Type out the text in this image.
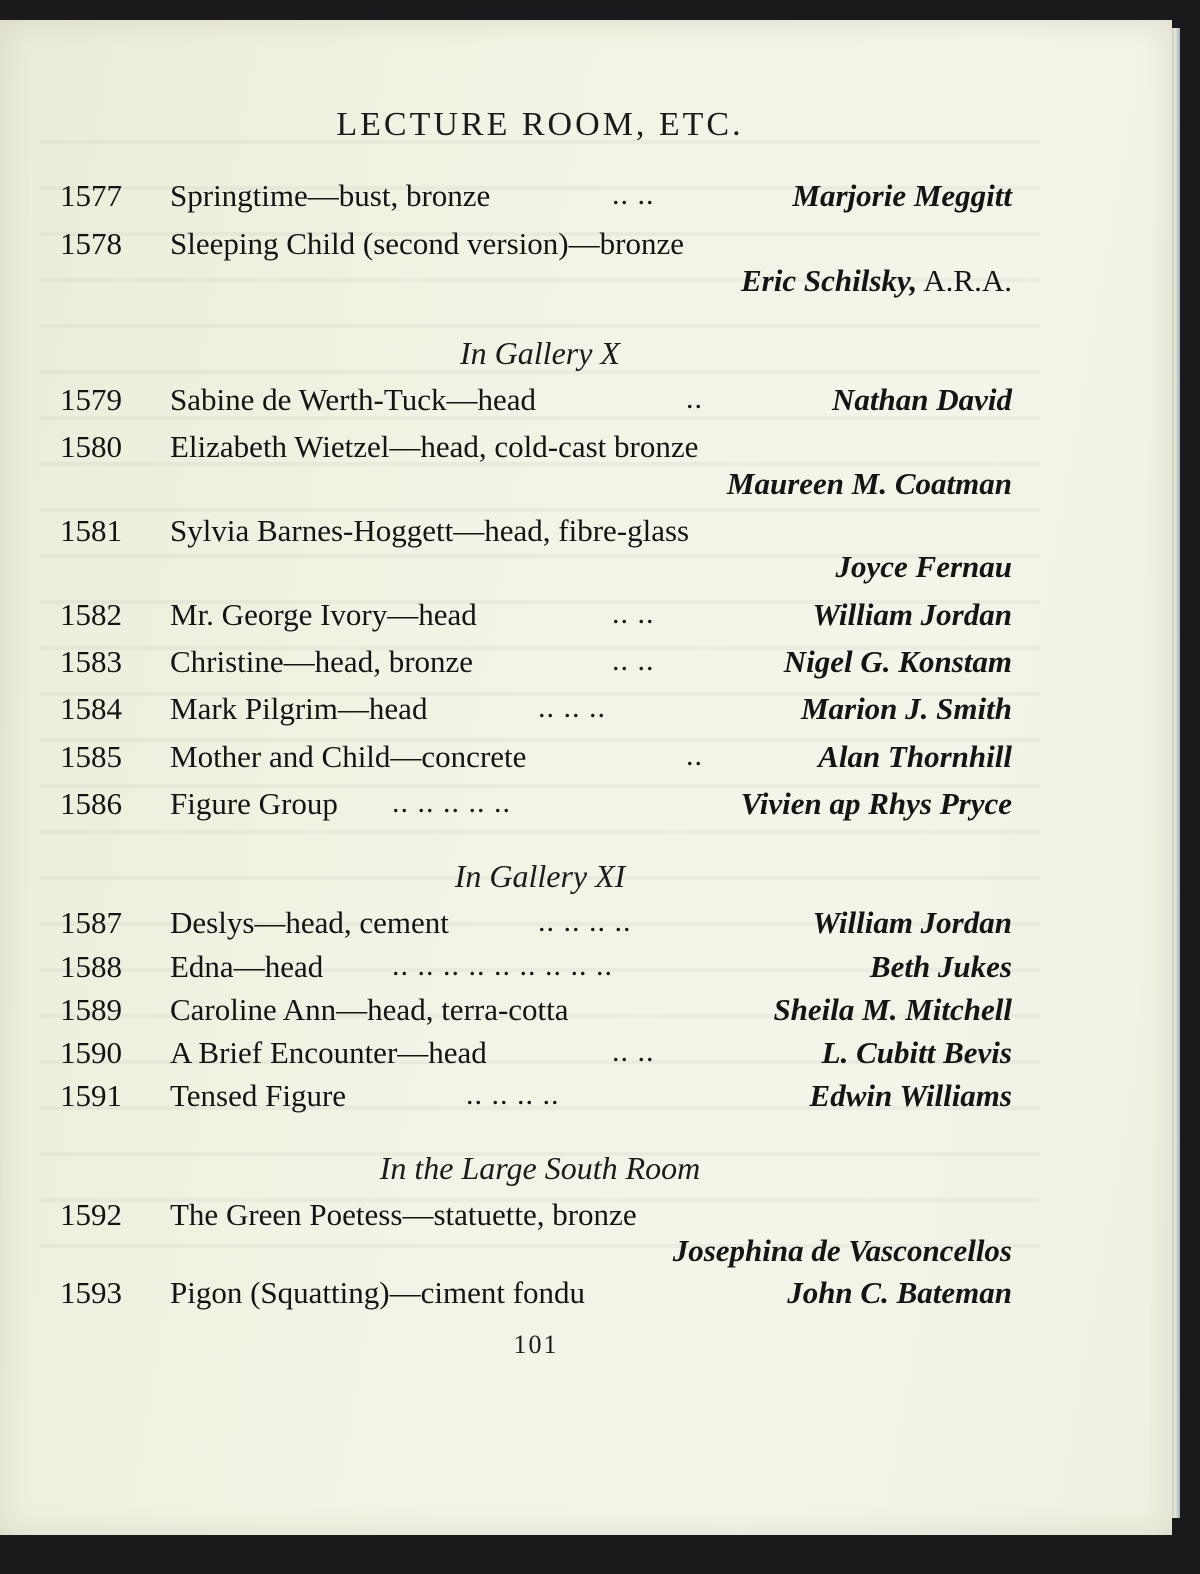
LECTURE ROOM, ETC.
1577 Springtime—bust, bronze	.. ..	Marjorie Meggitt
1578 Sleeping Child (second version)—bronze
Eric Schilsky, A.R.A.
In Gallery X
1579 Sabine de Werth-Tuck—head	..	Nathan David
1580 Elizabeth Wietzel—head, cold-cast bronze
Maureen M. Coatman
1581 Sylvia Barnes-Hoggett—head, fibre-glass
Joyce Fernau
1582 Mr. George Ivory—head	.. ..	William Jordan
1583 Christine—head, bronze	.. ..	Nigel G. Konstam
1584 Mark Pilgrim—head	.. .. ..	Marion J. Smith
1585 Mother and Child—concrete	..	Alan Thornhill
1586 Figure Group .. .. .. .. ..	Vivien ap Rhys Pryce
In Gallery XI
1587 Deslys—head, cement	.. .. .. ..	William Jordan
1588 Edna—head .. .. .. .. .. .. .. .. ..	Beth Jukes
1589 Caroline Ann—head, terra-cotta	Sheila M. Mitchell
1590 A Brief Encounter—head	.. ..	L. Cubitt Bevis
1591 Tensed Figure	.. .. .. ..	Edwin Williams
In the Large South Room
1592 The Green Poetess—statuette, bronze
Josephina de Vasconcellos
1593 Pigon (Squatting)—ciment fondu	John C. Bateman
101
